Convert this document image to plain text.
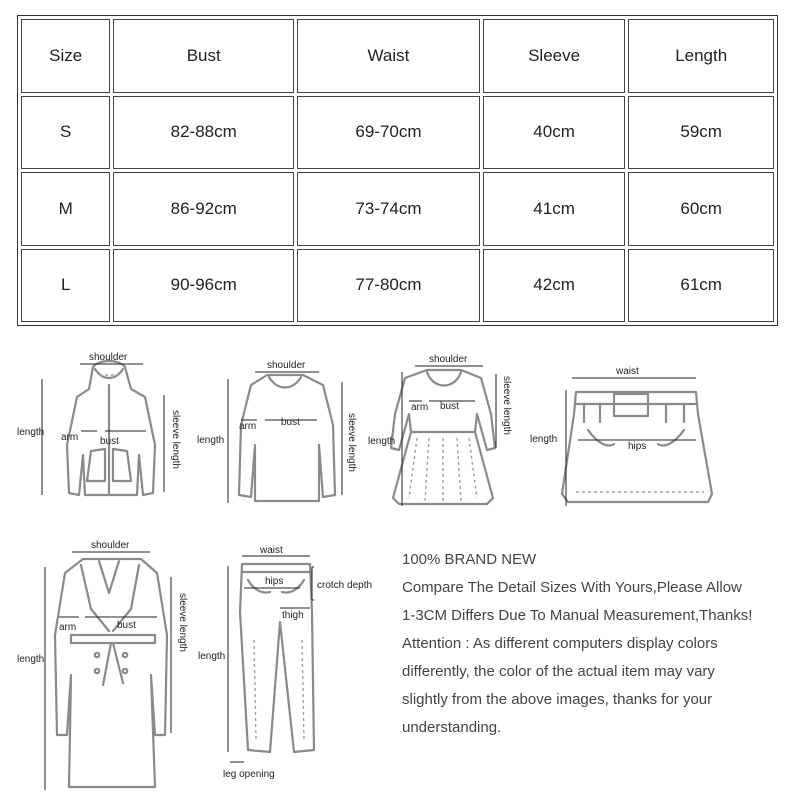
Size	Bust	Waist	Sleeve	Length
S	82-88cm	69-70cm	40cm	59cm
M	86-92cm	73-74cm	41cm	60cm
L	90-96cm	77-80cm	42cm	61cm
shoulder
length arm bust	sleeve length
shoulder
length
arm bust	sleeve length
shoulder
length
arm bust	sleeve length
waist
length
hips
shoulder
length
arm	bust	sleeve length
waist
hips	crotch depth
thigh
length
leg opening
100% BRAND NEW
Compare The Detail Sizes With Yours,Please Allow
1-3CM Differs Due To Manual Measurement,Thanks!
Attention : As different computers display colors
differently, the color of the actual item may vary
slightly from the above images, thanks for your
understanding.
